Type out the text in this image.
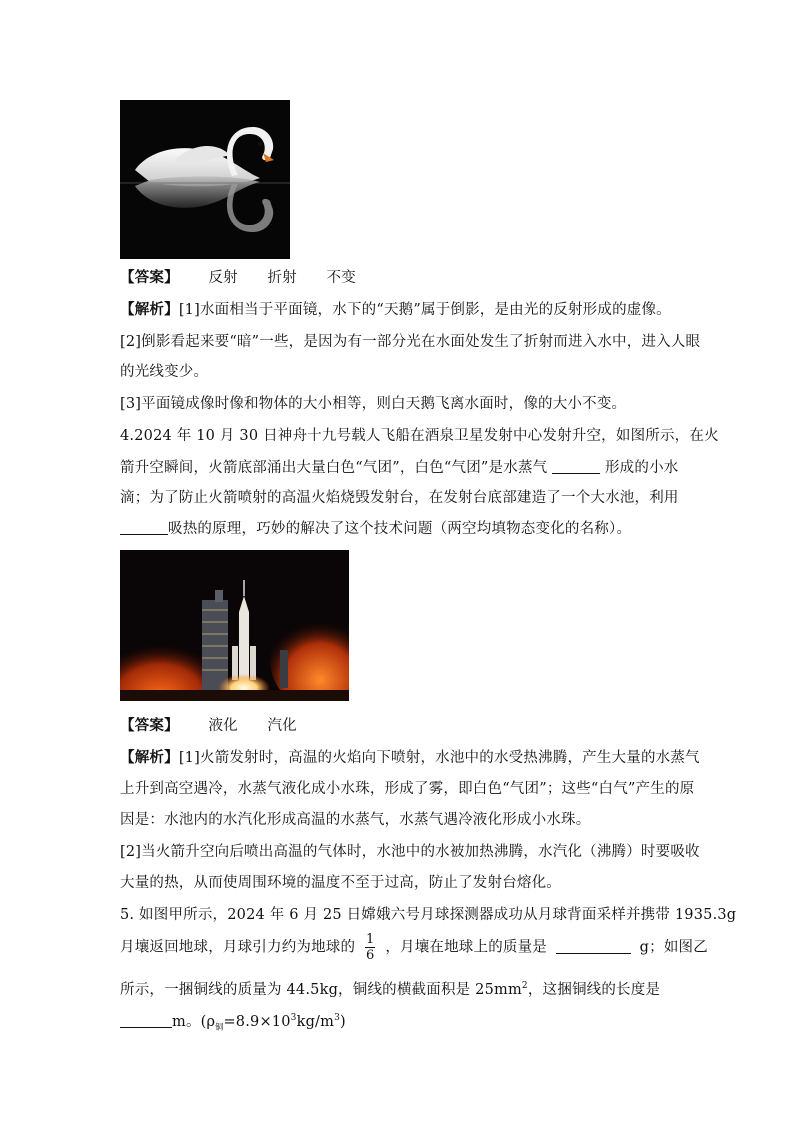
【答案】 反射 折射 不变
【解析】[1]水面相当于平面镜，水下的“天鹅”属于倒影，是由光的反射形成的虚像。
[2]倒影看起来要“暗”一些，是因为有一部分光在水面处发生了折射而进入水中，进入人眼
的光线变少。
[3]平面镜成像时像和物体的大小相等，则白天鹅飞离水面时，像的大小不变。
4.2024 年 10 月 30 日神舟十九号载人飞船在酒泉卫星发射中心发射升空，如图所示，在火
箭升空瞬间，火箭底部涌出大量白色“气团”，白色“气团”是水蒸气	形成的小水
滴；为了防止火箭喷射的高温火焰烧毁发射台，在发射台底部建造了一个大水池，利用
吸热的原理，巧妙的解决了这个技术问题（两空均填物态变化的名称）。
【答案】 液化 汽化
【解析】[1]火箭发射时，高温的火焰向下喷射，水池中的水受热沸腾，产生大量的水蒸气
上升到高空遇冷，水蒸气液化成小水珠，形成了雾，即白色“气团”；这些“白气”产生的原
因是：水池内的水汽化形成高温的水蒸气，水蒸气遇冷液化形成小水珠。
[2]当火箭升空向后喷出高温的气体时，水池中的水被加热沸腾，水汽化（沸腾）时要吸收
大量的热，从而使周围环境的温度不至于过高，防止了发射台熔化。
5. 如图甲所示，2024 年 6 月 25 日嫦娥六号月球探测器成功从月球背面采样并携带 1935.3g
月壤返回地球，月球引力约为地球的 $\frac{1}{6}$ ，月壤在地球上的质量是	g；如图乙
所示，一捆铜线的质量为 44.5kg，铜线的横截面积是 $25mm^2$，这捆铜线的长度是
m。$(\rho_铜=8.9\times 10^3kg/m^3)$
